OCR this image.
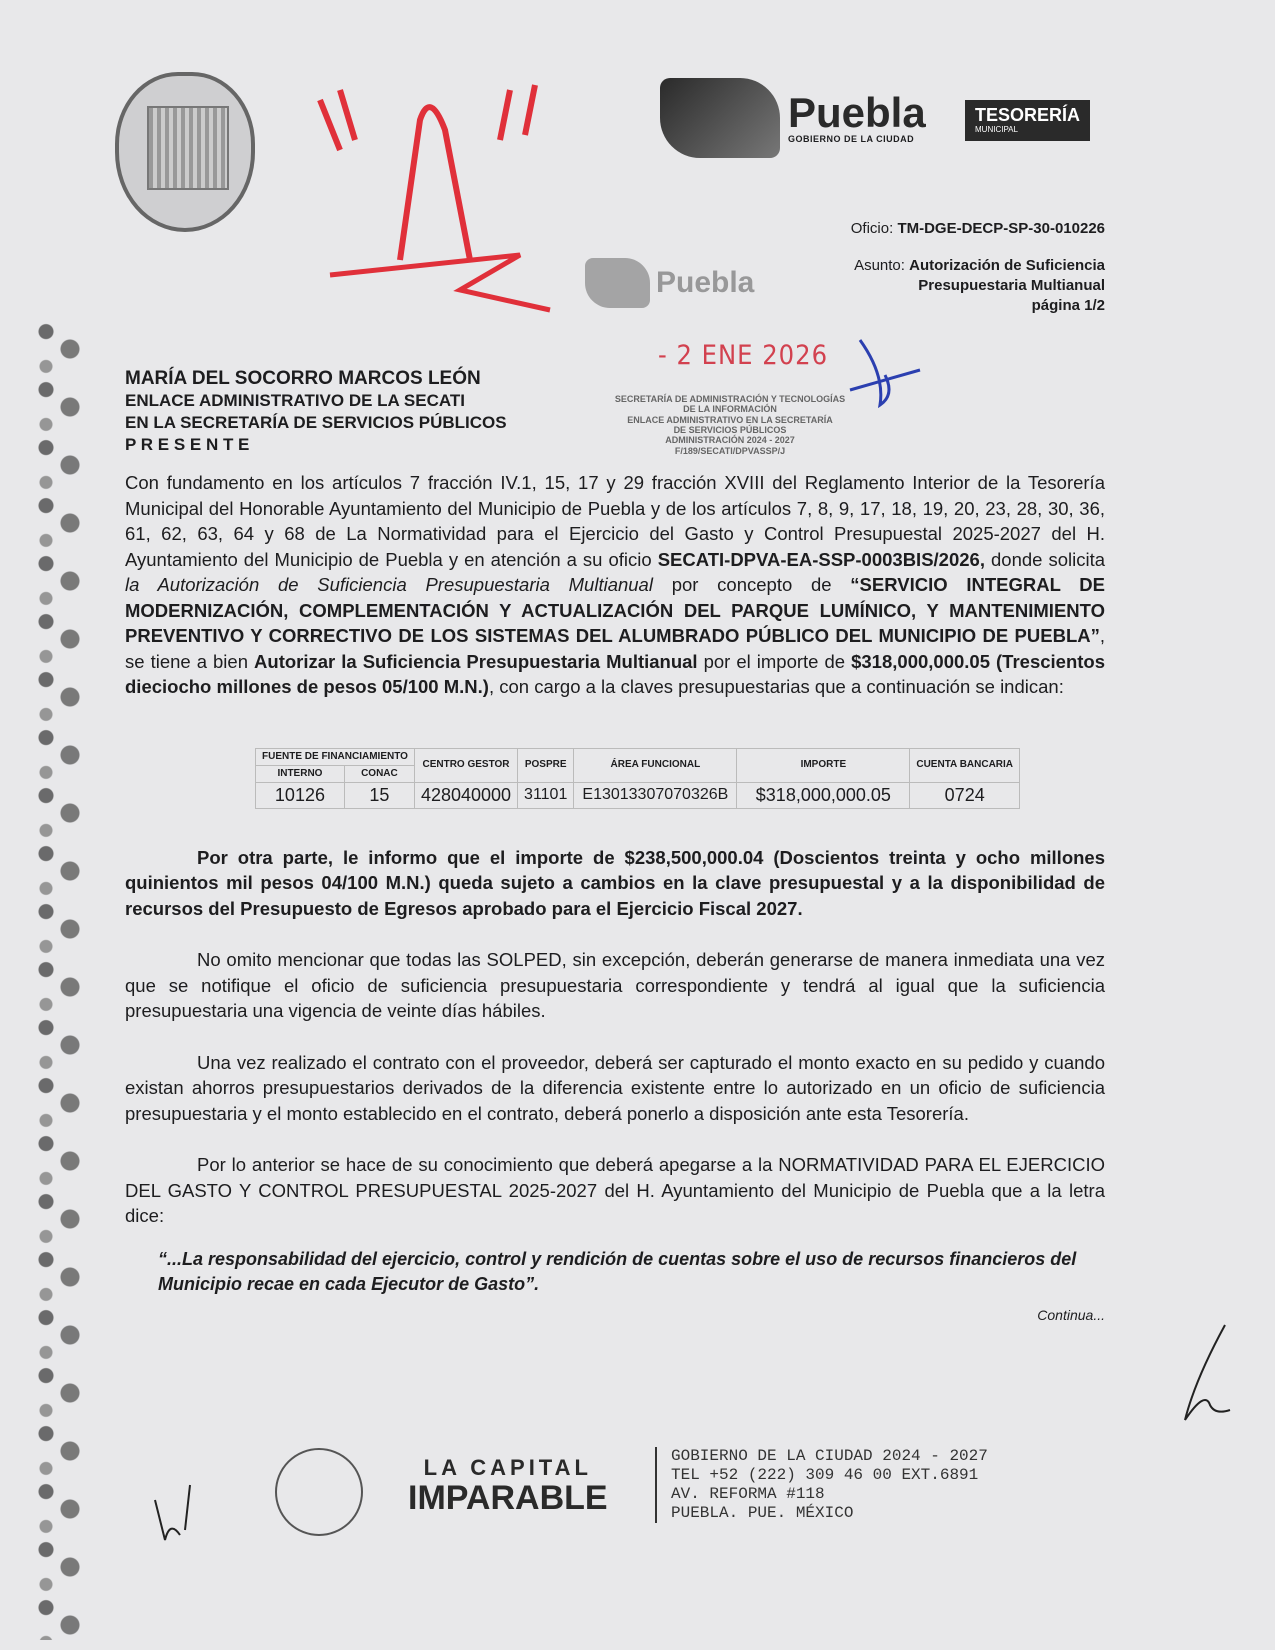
Puebla
GOBIERNO DE LA CIUDAD
TESORERÍA
MUNICIPAL
Oficio: TM-DGE-DECP-SP-30-010226
Asunto: Autorización de Suficiencia
Presupuestaria Multianual
página 1/2
Puebla
- 2 ENE 2026
SECRETARÍA DE ADMINISTRACIÓN Y TECNOLOGÍAS
DE LA INFORMACIÓN
ENLACE ADMINISTRATIVO EN LA SECRETARÍA
DE SERVICIOS PÚBLICOS
ADMINISTRACIÓN 2024 - 2027
F/189/SECATI/DPVASSP/J
MARÍA DEL SOCORRO MARCOS LEÓN
ENLACE ADMINISTRATIVO DE LA SECATI
EN LA SECRETARÍA DE SERVICIOS PÚBLICOS
P R E S E N T E
Con fundamento en los artículos 7 fracción IV.1, 15, 17 y 29 fracción XVIII del Reglamento Interior de la Tesorería Municipal del Honorable Ayuntamiento del Municipio de Puebla y de los artículos 7, 8, 9, 17, 18, 19, 20, 23, 28, 30, 36, 61, 62, 63, 64 y 68 de La Normatividad para el Ejercicio del Gasto y Control Presupuestal 2025-2027 del H. Ayuntamiento del Municipio de Puebla y en atención a su oficio SECATI-DPVA-EA-SSP-0003BIS/2026, donde solicita la Autorización de Suficiencia Presupuestaria Multianual por concepto de “SERVICIO INTEGRAL DE MODERNIZACIÓN, COMPLEMENTACIÓN Y ACTUALIZACIÓN DEL PARQUE LUMÍNICO, Y MANTENIMIENTO PREVENTIVO Y CORRECTIVO DE LOS SISTEMAS DEL ALUMBRADO PÚBLICO DEL MUNICIPIO DE PUEBLA”, se tiene a bien Autorizar la Suficiencia Presupuestaria Multianual por el importe de $318,000,000.05 (Trescientos dieciocho millones de pesos 05/100 M.N.), con cargo a la claves presupuestarias que a continuación se indican:
FUENTE DE FINANCIAMIENTO		CENTRO GESTOR	POSPRE	ÁREA FUNCIONAL	IMPORTE	CUENTA BANCARIA
INTERNO	CONAC					
10126	15	428040000	31101	E13013307070326B	$318,000,000.05	0724
Por otra parte, le informo que el importe de $238,500,000.04 (Doscientos treinta y ocho millones quinientos mil pesos 04/100 M.N.) queda sujeto a cambios en la clave presupuestal y a la disponibilidad de recursos del Presupuesto de Egresos aprobado para el Ejercicio Fiscal 2027.
No omito mencionar que todas las SOLPED, sin excepción, deberán generarse de manera inmediata una vez que se notifique el oficio de suficiencia presupuestaria correspondiente y tendrá al igual que la suficiencia presupuestaria una vigencia de veinte días hábiles.
Una vez realizado el contrato con el proveedor, deberá ser capturado el monto exacto en su pedido y cuando existan ahorros presupuestarios derivados de la diferencia existente entre lo autorizado en un oficio de suficiencia presupuestaria y el monto establecido en el contrato, deberá ponerlo a disposición ante esta Tesorería.
Por lo anterior se hace de su conocimiento que deberá apegarse a la NORMATIVIDAD PARA EL EJERCICIO DEL GASTO Y CONTROL PRESUPUESTAL 2025-2027 del H. Ayuntamiento del Municipio de Puebla que a la letra dice:
“...La responsabilidad del ejercicio, control y rendición de cuentas sobre el uso de recursos financieros del Municipio recae en cada Ejecutor de Gasto”.
Continua...
LA CAPITAL
IMPARABLE
GOBIERNO DE LA CIUDAD 2024 - 2027
TEL +52 (222) 309 46 00 EXT.6891
AV. REFORMA #118
PUEBLA. PUE. MÉXICO
